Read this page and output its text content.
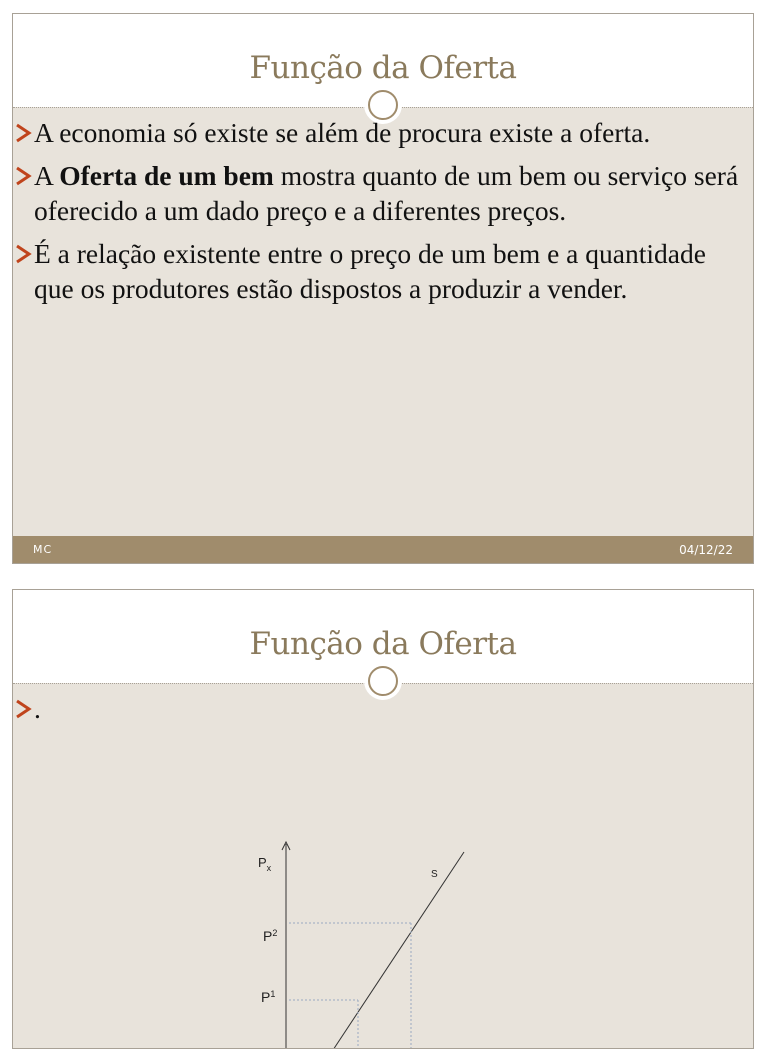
Função da Oferta
A economia só existe se além de procura existe a oferta.
A Oferta de um bem mostra quanto de um bem ou serviço será oferecido a um dado preço e a diferentes preços.
É a relação existente entre o preço de um bem e a quantidade que os produtores estão dispostos a produzir a vender.
MC	04/12/22
Função da Oferta
.
$P_x$
S
$P^2$
$P^1$
